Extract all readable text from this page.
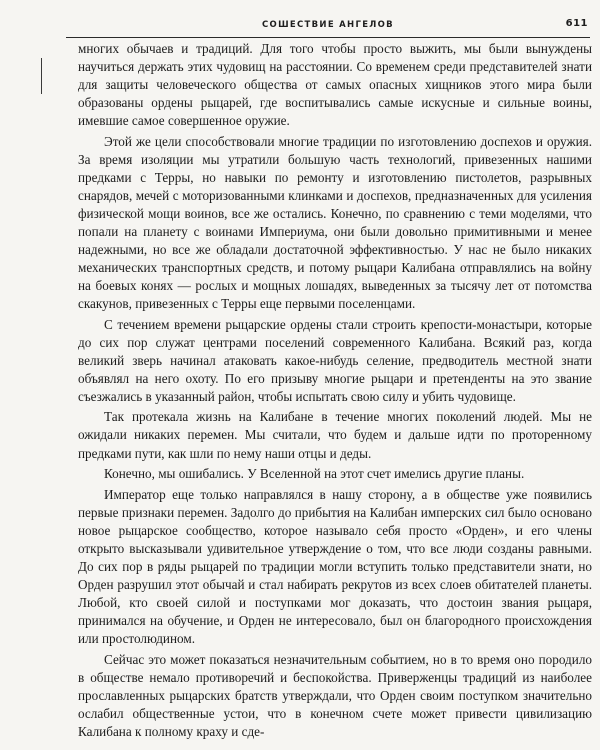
СОШЕСТВИЕ АНГЕЛОВ	611

многих обычаев и традиций. Для того чтобы просто выжить, мы были вынуждены научиться держать этих чудовищ на расстоянии. Со временем среди представителей знати для защиты человеческого общества от самых опасных хищников этого мира были образованы ордены рыцарей, где воспитывались самые искусные и сильные воины, имевшие самое совершенное оружие.

Этой же цели способствовали многие традиции по изготовлению доспехов и оружия. За время изоляции мы утратили большую часть технологий, привезенных нашими предками с Терры, но навыки по ремонту и изготовлению пистолетов, разрывных снарядов, мечей с моторизованными клинками и доспехов, предназначенных для усиления физической мощи воинов, все же остались. Конечно, по сравнению с теми моделями, что попали на планету с воинами Империума, они были довольно примитивными и менее надежными, но все же обладали достаточной эффективностью. У нас не было никаких механических транспортных средств, и потому рыцари Калибана отправлялись на войну на боевых конях — рослых и мощных лошадях, выведенных за тысячу лет от потомства скакунов, привезенных с Терры еще первыми поселенцами.

С течением времени рыцарские ордены стали строить крепости-монастыри, которые до сих пор служат центрами поселений современного Калибана. Всякий раз, когда великий зверь начинал атаковать какое-нибудь селение, предводитель местной знати объявлял на него охоту. По его призыву многие рыцари и претенденты на это звание съезжались в указанный район, чтобы испытать свою силу и убить чудовище.

Так протекала жизнь на Калибане в течение многих поколений людей. Мы не ожидали никаких перемен. Мы считали, что будем и дальше идти по проторенному предками пути, как шли по нему наши отцы и деды.

Конечно, мы ошибались. У Вселенной на этот счет имелись другие планы.

Император еще только направлялся в нашу сторону, а в обществе уже появились первые признаки перемен. Задолго до прибытия на Калибан имперских сил было основано новое рыцарское сообщество, которое называло себя просто «Орден», и его члены открыто высказывали удивительное утверждение о том, что все люди созданы равными. До сих пор в ряды рыцарей по традиции могли вступить только представители знати, но Орден разрушил этот обычай и стал набирать рекрутов из всех слоев обитателей планеты. Любой, кто своей силой и поступками мог доказать, что достоин звания рыцаря, принимался на обучение, и Орден не интересовало, был он благородного происхождения или простолюдином.

Сейчас это может показаться незначительным событием, но в то время оно породило в обществе немало противоречий и беспокойства. Приверженцы традиций из наиболее прославленных рыцарских братств утверждали, что Орден своим поступком значительно ослабил общественные устои, что в конечном счете может привести цивилизацию Калибана к полному краху и сде-
